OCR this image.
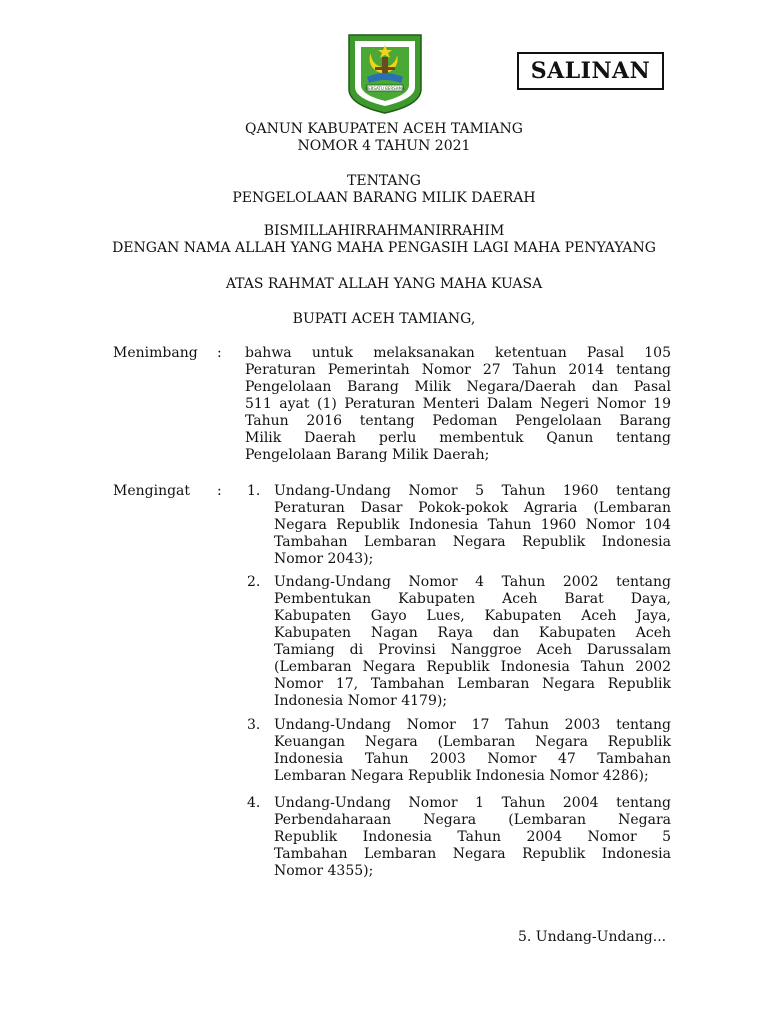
BERSATU BERSAMA
SALINAN
QANUN KABUPATEN ACEH TAMIANG
NOMOR 4 TAHUN 2021
TENTANG
PENGELOLAAN BARANG MILIK DAERAH
BISMILLAHIRRAHMANIRRAHIM
DENGAN NAMA ALLAH YANG MAHA PENGASIH LAGI MAHA PENYAYANG
ATAS RAHMAT ALLAH YANG MAHA KUASA
BUPATI ACEH TAMIANG,
Menimbang : bahwa untuk melaksanakan ketentuan Pasal 105
Peraturan Pemerintah Nomor 27 Tahun 2014 tentang
Pengelolaan Barang Milik Negara/Daerah dan Pasal
511 ayat (1) Peraturan Menteri Dalam Negeri Nomor 19
Tahun 2016 tentang Pedoman Pengelolaan Barang
Milik Daerah perlu membentuk Qanun tentang
Pengelolaan Barang Milik Daerah;
Mengingat : 1. Undang-Undang Nomor 5 Tahun 1960 tentang
Peraturan Dasar Pokok-pokok Agraria (Lembaran
Negara Republik Indonesia Tahun 1960 Nomor 104
Tambahan Lembaran Negara Republik Indonesia
Nomor 2043);
2. Undang-Undang Nomor 4 Tahun 2002 tentang
Pembentukan Kabupaten Aceh Barat Daya,
Kabupaten Gayo Lues, Kabupaten Aceh Jaya,
Kabupaten Nagan Raya dan Kabupaten Aceh
Tamiang di Provinsi Nanggroe Aceh Darussalam
(Lembaran Negara Republik Indonesia Tahun 2002
Nomor 17, Tambahan Lembaran Negara Republik
Indonesia Nomor 4179);
3. Undang-Undang Nomor 17 Tahun 2003 tentang
Keuangan Negara (Lembaran Negara Republik
Indonesia Tahun 2003 Nomor 47 Tambahan
Lembaran Negara Republik Indonesia Nomor 4286);
4. Undang-Undang Nomor 1 Tahun 2004 tentang
Perbendaharaan Negara (Lembaran Negara
Republik Indonesia Tahun 2004 Nomor 5
Tambahan Lembaran Negara Republik Indonesia
Nomor 4355);
5. Undang-Undang...
